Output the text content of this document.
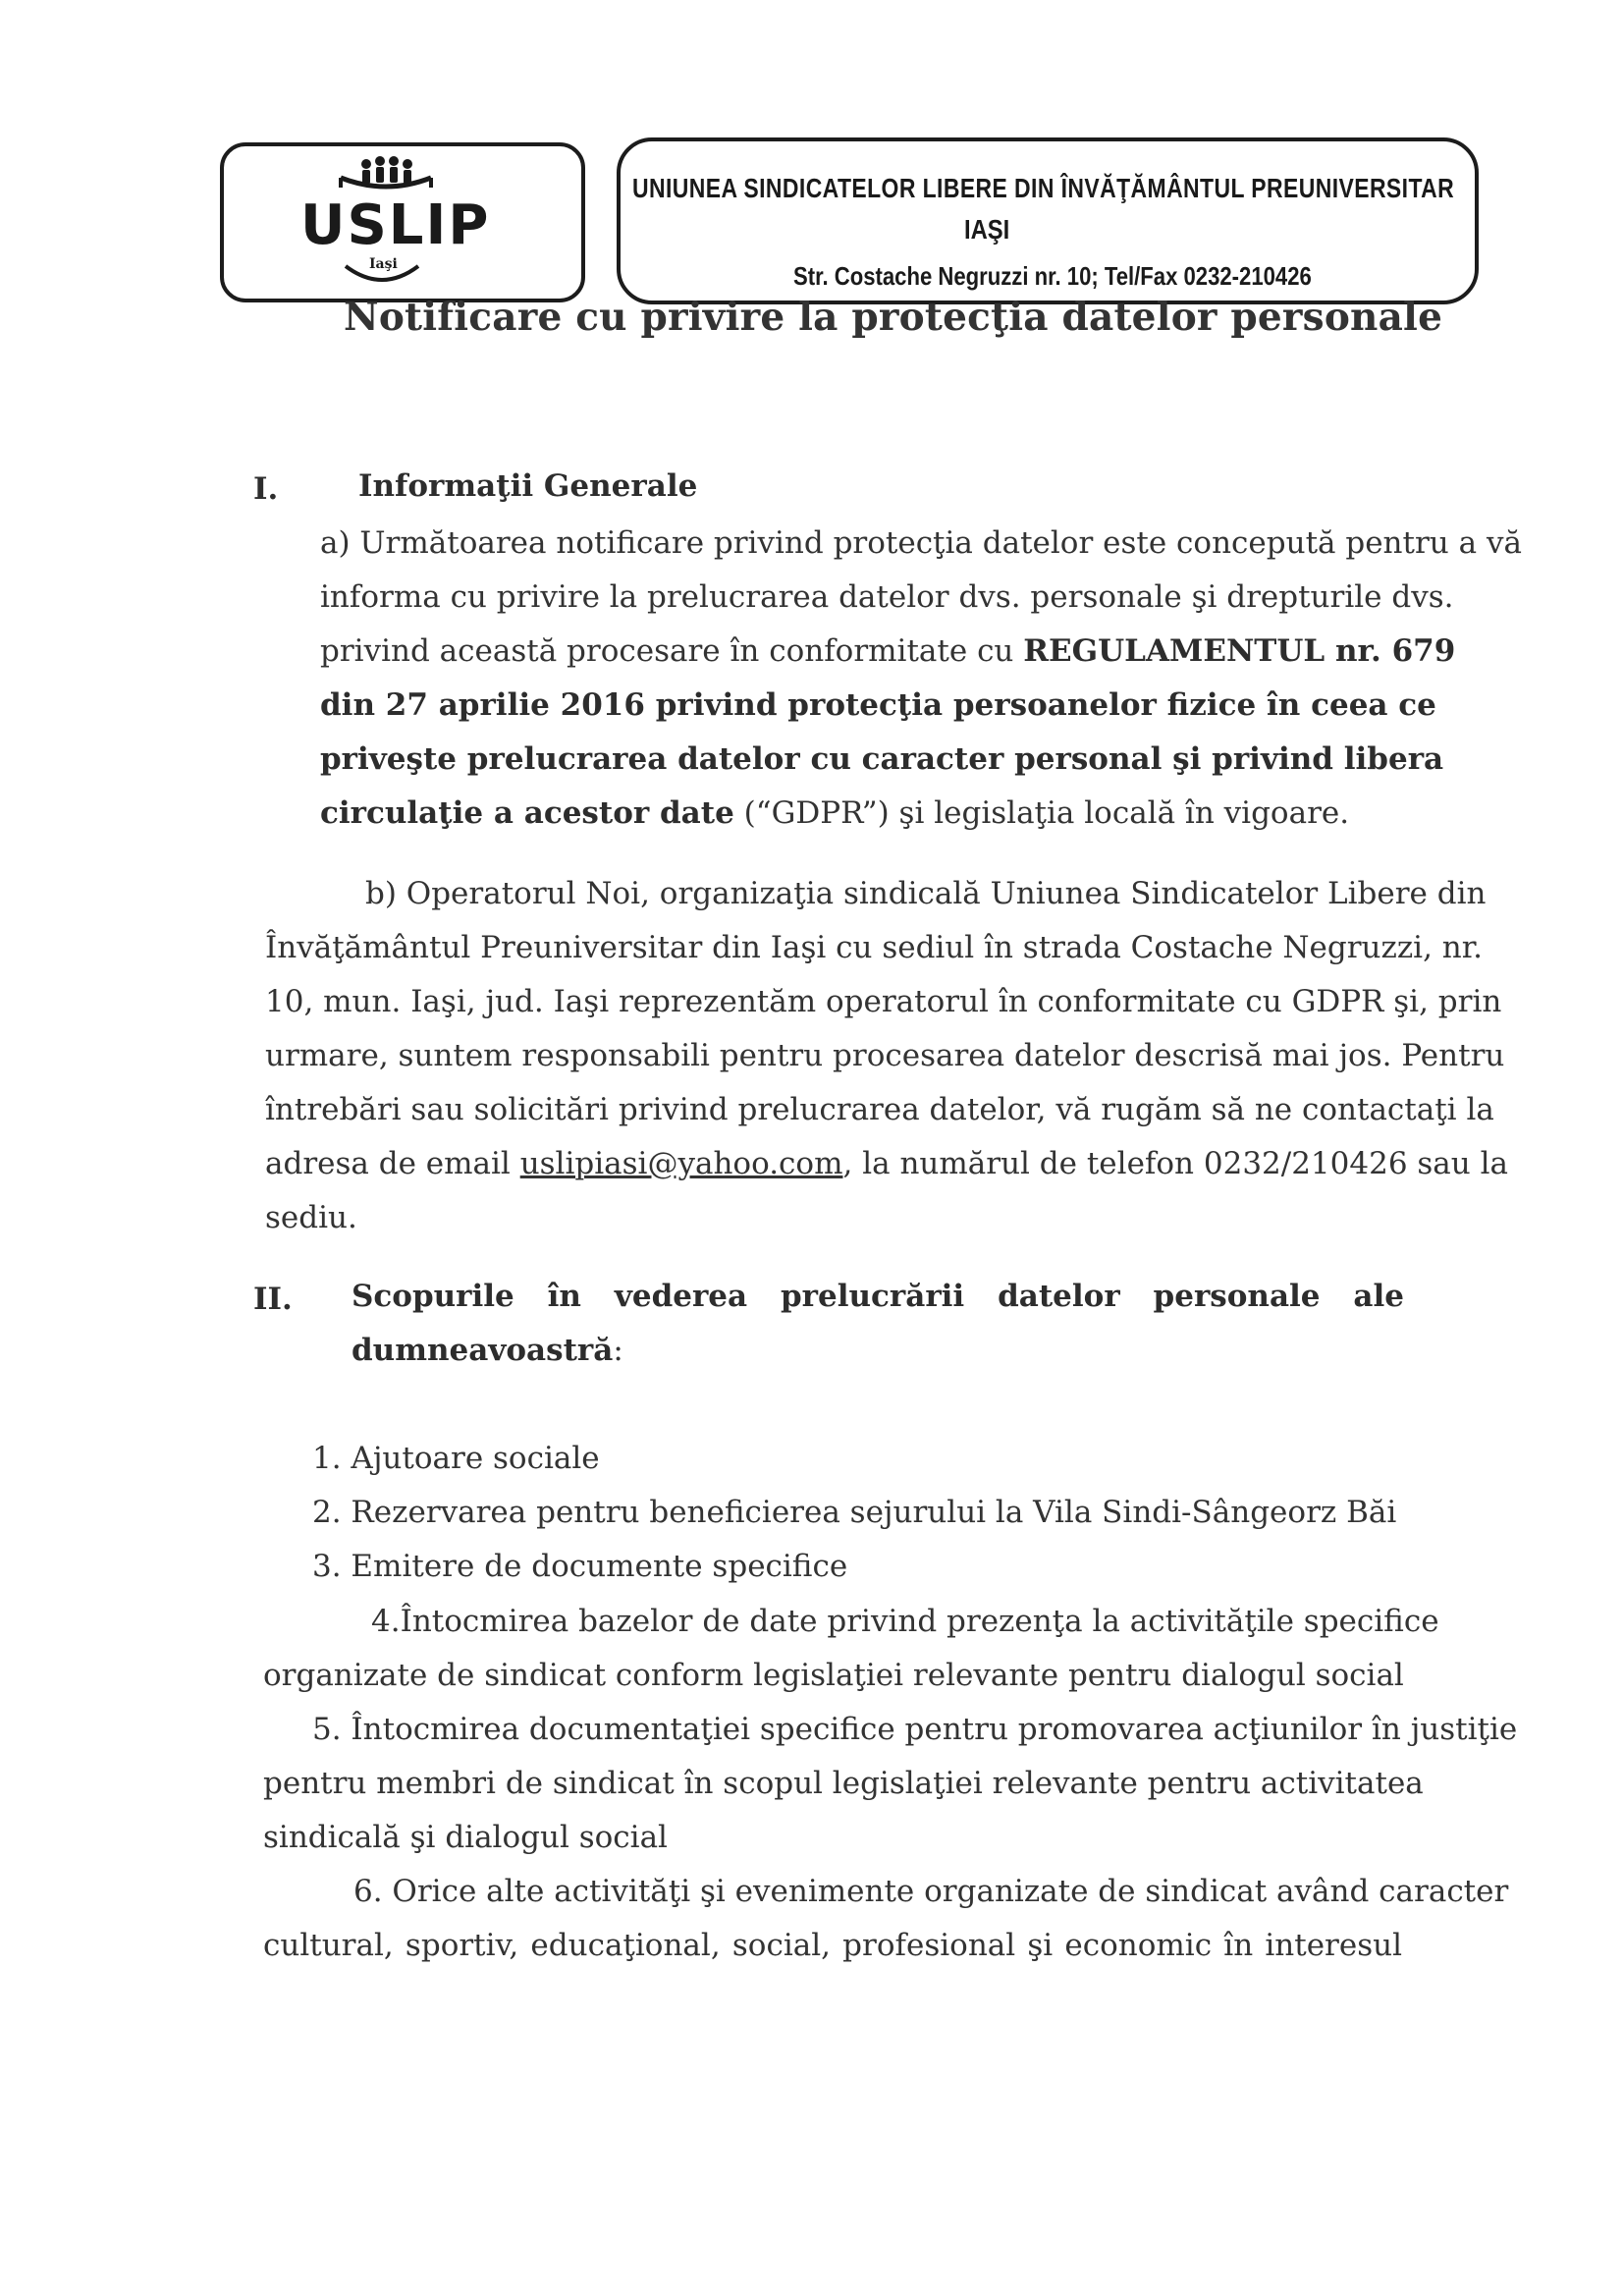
USLIP
Iaşi
UNIUNEA SINDICATELOR LIBERE DIN ÎNVĂŢĂMÂNTUL PREUNIVERSITAR
IAŞI
Str. Costache Negruzzi nr. 10; Tel/Fax 0232-210426
Notificare cu privire la protecţia datelor personale
I.	Informaţii Generale
a) Următoarea notificare privind protecţia datelor este concepută pentru a vă
informa cu privire la prelucrarea datelor dvs. personale şi drepturile dvs.
privind această procesare în conformitate cu REGULAMENTUL nr. 679
din 27 aprilie 2016 privind protecţia persoanelor fizice în ceea ce
priveşte prelucrarea datelor cu caracter personal şi privind libera
circulaţie a acestor date (“GDPR”) şi legislaţia locală în vigoare.
b) Operatorul Noi, organizaţia sindicală Uniunea Sindicatelor Libere din
Învăţământul Preuniversitar din Iaşi cu sediul în strada Costache Negruzzi, nr.
10, mun. Iaşi, jud. Iaşi reprezentăm operatorul în conformitate cu GDPR şi, prin
urmare, suntem responsabili pentru procesarea datelor descrisă mai jos. Pentru
întrebări sau solicitări privind prelucrarea datelor, vă rugăm să ne contactaţi la
adresa de email uslipiasi@yahoo.com, la numărul de telefon 0232/210426 sau la
sediu.
II. Scopurile în vederea prelucrării datelor personale ale
dumneavoastră:
1. Ajutoare sociale
2. Rezervarea pentru beneficierea sejurului la Vila Sindi-Sângeorz Băi
3. Emitere de documente specifice
4.Întocmirea bazelor de date privind prezenţa la activităţile specifice
organizate de sindicat conform legislaţiei relevante pentru dialogul social
5. Întocmirea documentaţiei specifice pentru promovarea acţiunilor în justiţie
pentru membri de sindicat în scopul legislaţiei relevante pentru activitatea
sindicală şi dialogul social
6. Orice alte activităţi şi evenimente organizate de sindicat având caracter
cultural, sportiv, educaţional, social, profesional şi economic în interesul
